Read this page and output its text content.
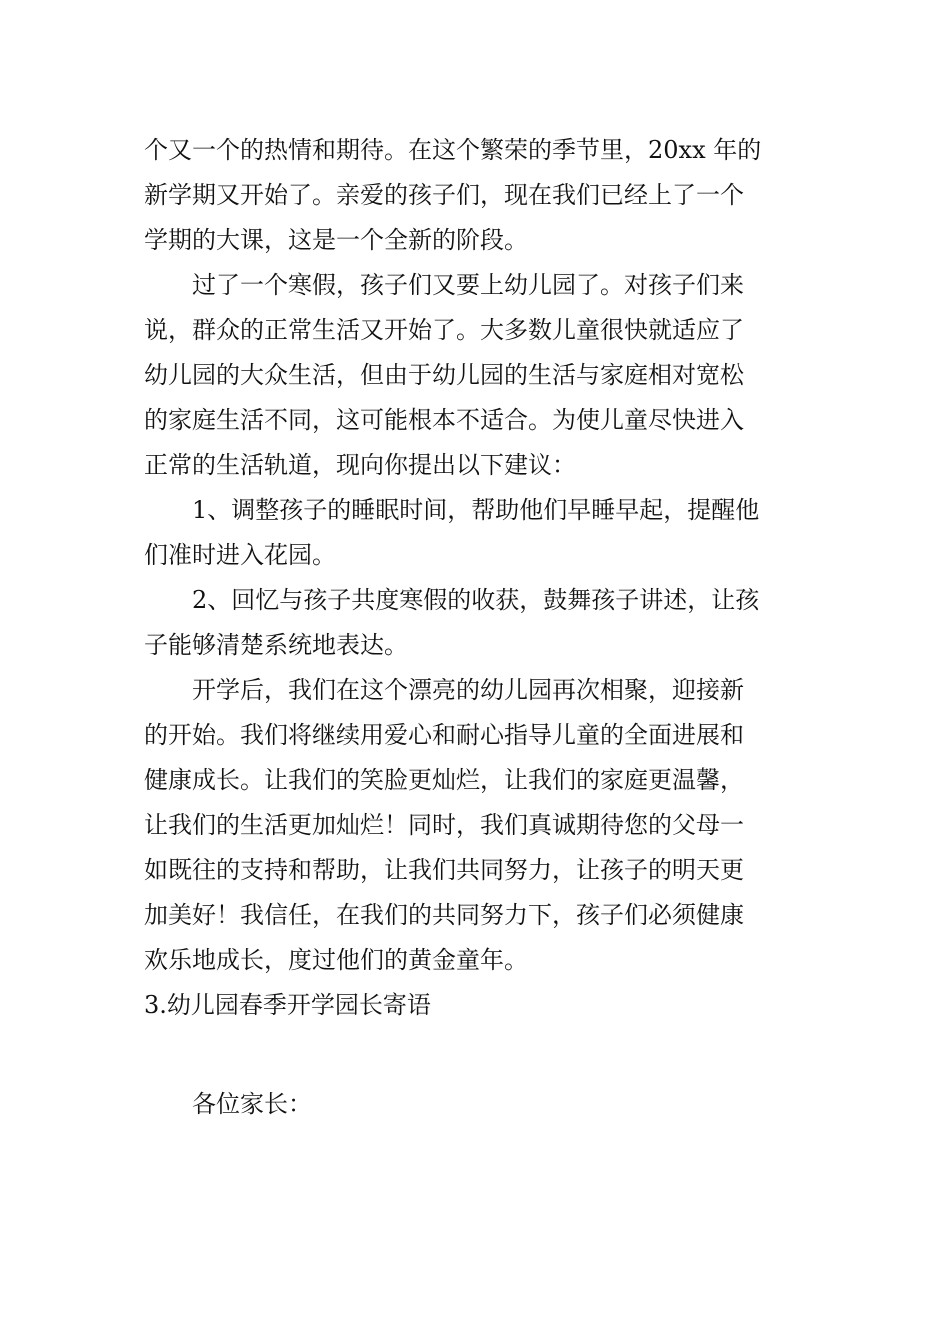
个又一个的热情和期待。在这个繁荣的季节里，20xx 年的
新学期又开始了。亲爱的孩子们，现在我们已经上了一个
学期的大课，这是一个全新的阶段。
过了一个寒假，孩子们又要上幼儿园了。对孩子们来
说，群众的正常生活又开始了。大多数儿童很快就适应了
幼儿园的大众生活，但由于幼儿园的生活与家庭相对宽松
的家庭生活不同，这可能根本不适合。为使儿童尽快进入
正常的生活轨道，现向你提出以下建议：
1、调整孩子的睡眠时间，帮助他们早睡早起，提醒他
们准时进入花园。
2、回忆与孩子共度寒假的收获，鼓舞孩子讲述，让孩
子能够清楚系统地表达。
开学后，我们在这个漂亮的幼儿园再次相聚，迎接新
的开始。我们将继续用爱心和耐心指导儿童的全面进展和
健康成长。让我们的笑脸更灿烂，让我们的家庭更温馨，
让我们的生活更加灿烂！同时，我们真诚期待您的父母一
如既往的支持和帮助，让我们共同努力，让孩子的明天更
加美好！我信任，在我们的共同努力下，孩子们必须健康
欢乐地成长，度过他们的黄金童年。
3.幼儿园春季开学园长寄语
各位家长：
